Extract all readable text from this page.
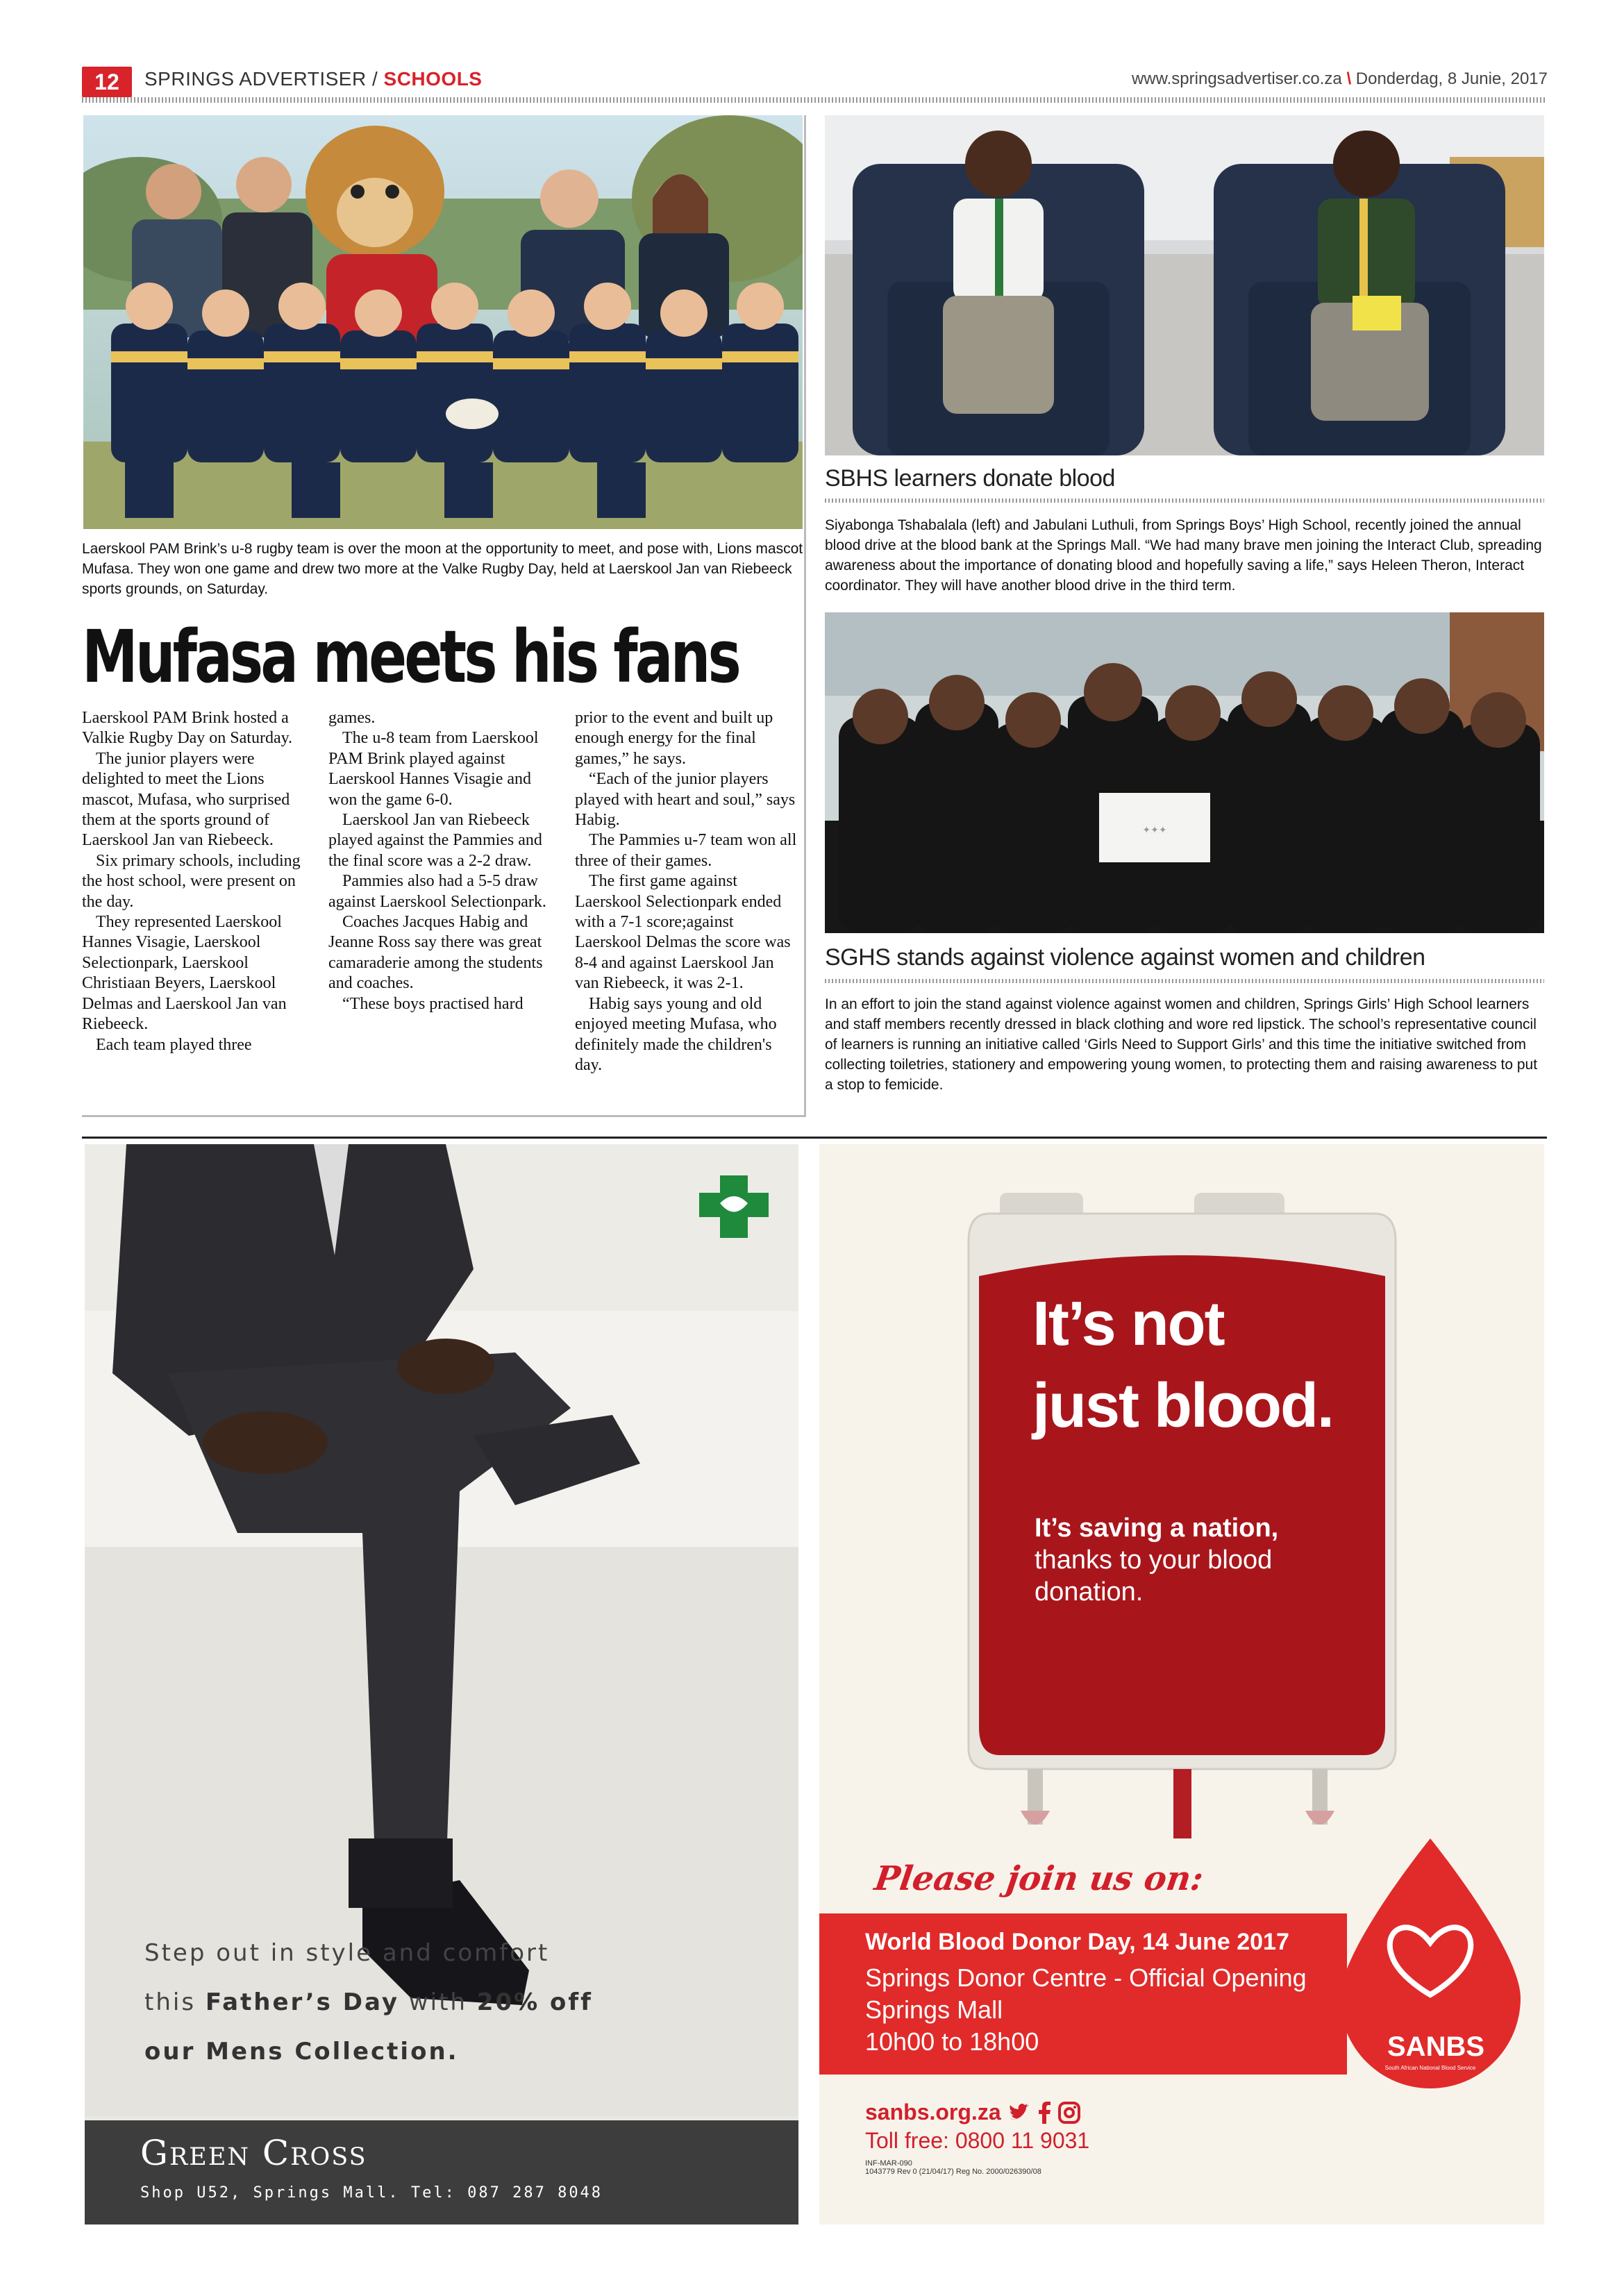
12	SPRINGS ADVERTISER / SCHOOLS	www.springsadvertiser.co.za \ Donderdag, 8 Junie, 2017
Laerskool PAM Brink’s u-8 rugby team is over the moon at the opportunity to meet, and pose with, Lions mascot Mufasa. They won one game and drew two more at the Valke Rugby Day, held at Laerskool Jan van Riebeeck sports grounds, on Saturday.
Mufasa meets his fans

Laerskool PAM Brink hosted a Valkie Rugby Day on Saturday.

The junior players were delighted to meet the Lions mascot, Mufasa, who surprised them at the sports ground of Laerskool Jan van Riebeeck.

Six primary schools, including the host school, were present on the day.

They represented Laerskool Hannes Visagie, Laerskool Selectionpark, Laerskool Christiaan Beyers, Laerskool Delmas and Laerskool Jan van Riebeeck.

Each team played three

games.

The u-8 team from Laerskool PAM Brink played against Laerskool Hannes Visagie and won the game 6-0.

Laerskool Jan van Riebeeck played against the Pammies and the final score was a 2-2 draw.

Pammies also had a 5-5 draw against Laerskool Selectionpark.

Coaches Jacques Habig and Jeanne Ross say there was great camaraderie among the students and coaches.

“These boys practised hard

prior to the event and built up enough energy for the final games,” he says.

“Each of the junior players played with heart and soul,” says Habig.

The Pammies u-7 team won all three of their games.

The first game against Laerskool Selectionpark ended with a 7-1 score;against Laerskool Delmas the score was 8-4 and against Laerskool Jan van Riebeeck, it was 2-1.

Habig says young and old enjoyed meeting Mufasa, who definitely made the children's day.

SBHS learners donate blood
Siyabonga Tshabalala (left) and Jabulani Luthuli, from Springs Boys’ High School, recently joined the annual blood drive at the blood bank at the Springs Mall. “We had many brave men joining the Interact Club, spreading awareness about the importance of donating blood and hopefully saving a life,” says Heleen Theron, Interact coordinator. They will have another blood drive in the third term.
✦✦✦
SGHS stands against violence against women and children
In an effort to join the stand against violence against women and children, Springs Girls’ High School learners and staff members recently dressed in black clothing and wore red lipstick. The school’s representative council of learners is running an initiative called ‘Girls Need to Support Girls’ and this time the initiative switched from collecting toiletries, stationery and empowering young women, to protecting them and raising awareness to put a stop to femicide.
Step out in style and comfort
this Father’s Day with 20% off
our Mens Collection.
Green Cross
Shop U52, Springs Mall. Tel: 087 287 8048
It’s not
just blood.
It’s saving a nation,
thanks to your blood
donation.
Please join us on:
World Blood Donor Day, 14 June 2017
Springs Donor Centre - Official Opening
Springs Mall
10h00 to 18h00	SANBS
South African National Blood Service
sanbs.org.za
Toll free: 0800 11 9031
INF-MAR-090
1043779 Rev 0 (21/04/17) Reg No. 2000/026390/08
